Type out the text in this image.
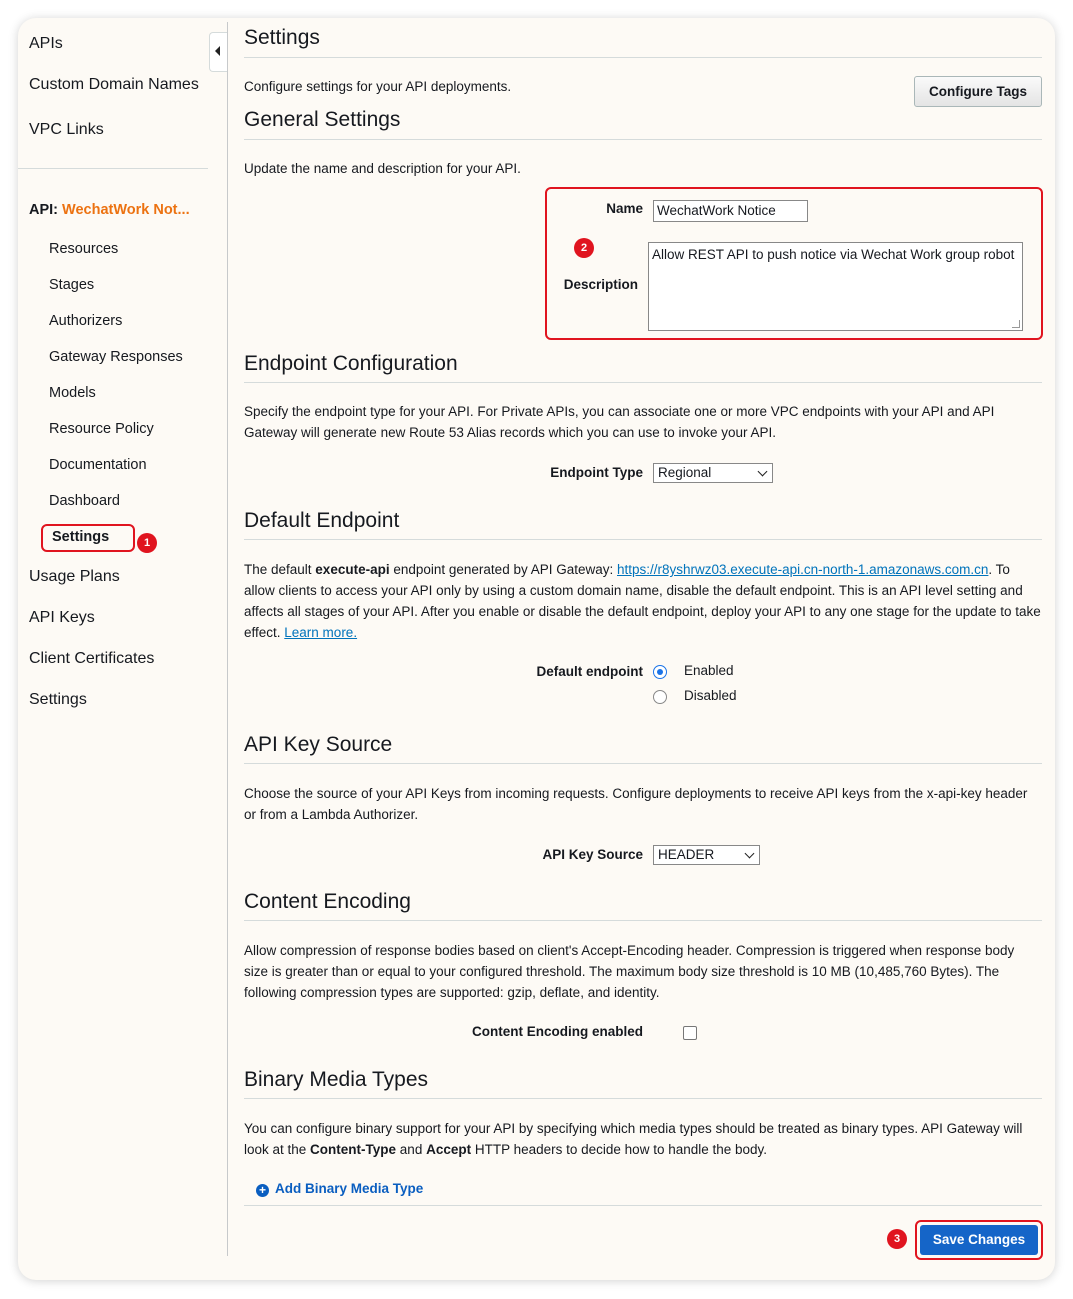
APIs
Custom Domain Names
VPC Links
API: WechatWork Not...
Resources
Stages
Authorizers
Gateway Responses
Models
Resource Policy
Documentation
Dashboard
Settings	1
Usage Plans
API Keys
Client Certificates
Settings
Settings
Configure settings for your API deployments.	Configure Tags
General Settings
Update the name and description for your API.
2
Name WechatWork Notice
Description
Allow REST API to push notice via Wechat Work group robot
Endpoint Configuration
Specify the endpoint type for your API. For Private APIs, you can associate one or more VPC endpoints with your API and API Gateway will generate new Route 53 Alias records which you can use to invoke your API.
Endpoint Type	Regional
Default Endpoint
The default execute-api endpoint generated by API Gateway: https://r8yshrwz03.execute-api.cn-north-1.amazonaws.com.cn. To allow clients to access your API only by using a custom domain name, disable the default endpoint. This is an API level setting and affects all stages of your API. After you enable or disable the default endpoint, deploy your API to any one stage for the update to take effect. Learn more.
Default endpoint	Enabled
Disabled
API Key Source
Choose the source of your API Keys from incoming requests. Configure deployments to receive API keys from the x-api-key header or from a Lambda Authorizer.
API Key Source	HEADER
Content Encoding
Allow compression of response bodies based on client's Accept-Encoding header. Compression is triggered when response body size is greater than or equal to your configured threshold. The maximum body size threshold is 10 MB (10,485,760 Bytes). The following compression types are supported: gzip, deflate, and identity.
Content Encoding enabled
Binary Media Types
You can configure binary support for your API by specifying which media types should be treated as binary types. API Gateway will look at the Content-Type and Accept HTTP headers to decide how to handle the body.
+ Add Binary Media Type
Save Changes
3
